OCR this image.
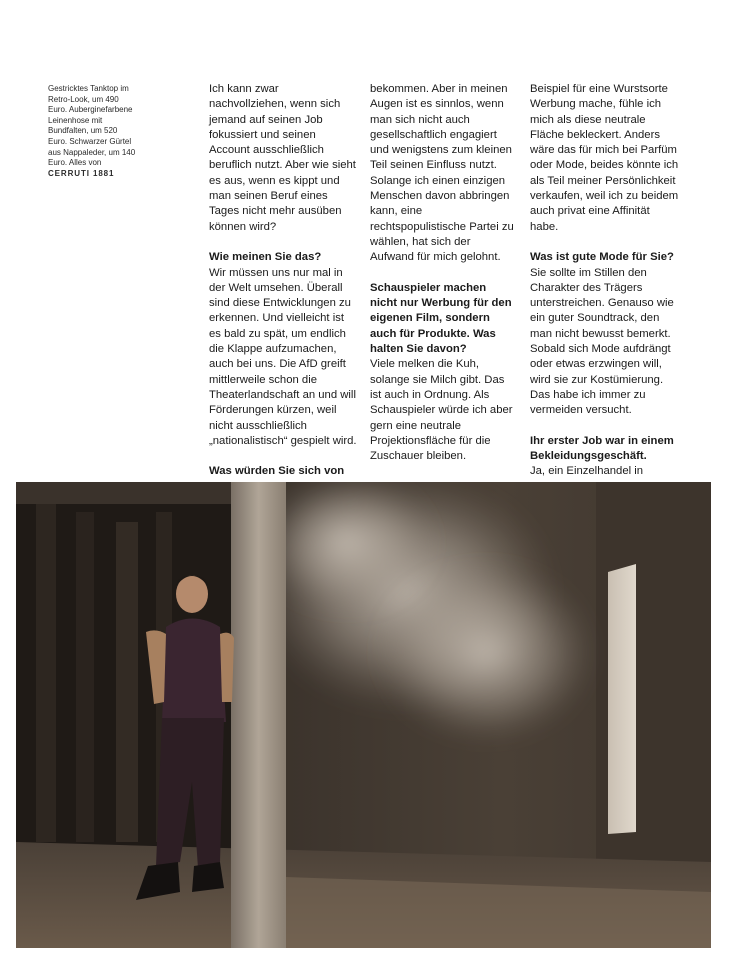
Gestricktes Tanktop im Retro-Look, um 490 Euro. Auberginefarbene Leinenhose mit Bundfalten, um 520 Euro. Schwarzer Gürtel aus Nappaleder, um 140 Euro. Alles von
CERRUTI 1881

Ich kann zwar nachvollziehen, wenn sich jemand auf seinen Job fokussiert und seinen Account ausschließlich beruflich nutzt. Aber wie sieht es aus, wenn es kippt und man seinen Beruf eines Tages nicht mehr ausüben können wird?

Wie meinen Sie das?
Wir müssen uns nur mal in der Welt umsehen. Überall sind diese Entwicklungen zu erkennen. Und vielleicht ist es bald zu spät, um endlich die Klappe aufzumachen, auch bei uns. Die AfD greift mittlerweile schon die Theaterlandschaft an und will Förderungen kürzen, weil nicht ausschließlich „nationalistisch“ gespielt wird.

Was würden Sie sich von

bekommen. Aber in meinen Augen ist es sinnlos, wenn man sich nicht auch gesellschaftlich engagiert und wenigstens zum kleinen Teil seinen Einfluss nutzt. Solange ich einen einzigen Menschen davon abbringen kann, eine rechtspopulistische Partei zu wählen, hat sich der Aufwand für mich gelohnt.

Schauspieler machen nicht nur Werbung für den eigenen Film, sondern auch für Produkte. Was halten Sie davon?
Viele melken die Kuh, solange sie Milch gibt. Das ist auch in Ordnung. Als Schauspieler würde ich aber gern eine neutrale Projektionsfläche für die Zuschauer bleiben.

Beispiel für eine Wurstsorte Werbung mache, fühle ich mich als diese neutrale Fläche bekleckert. Anders wäre das für mich bei Parfüm oder Mode, beides könnte ich als Teil meiner Persönlichkeit verkaufen, weil ich zu beidem auch privat eine Affinität habe.

Was ist gute Mode für Sie?
Sie sollte im Stillen den Charakter des Trägers unterstreichen. Genauso wie ein guter Soundtrack, den man nicht bewusst bemerkt. Sobald sich Mode aufdrängt oder etwas erzwingen will, wird sie zur Kostümierung. Das habe ich immer zu vermeiden versucht.

Ihr erster Job war in einem Bekleidungsgeschäft.
Ja, ein Einzelhandel in
